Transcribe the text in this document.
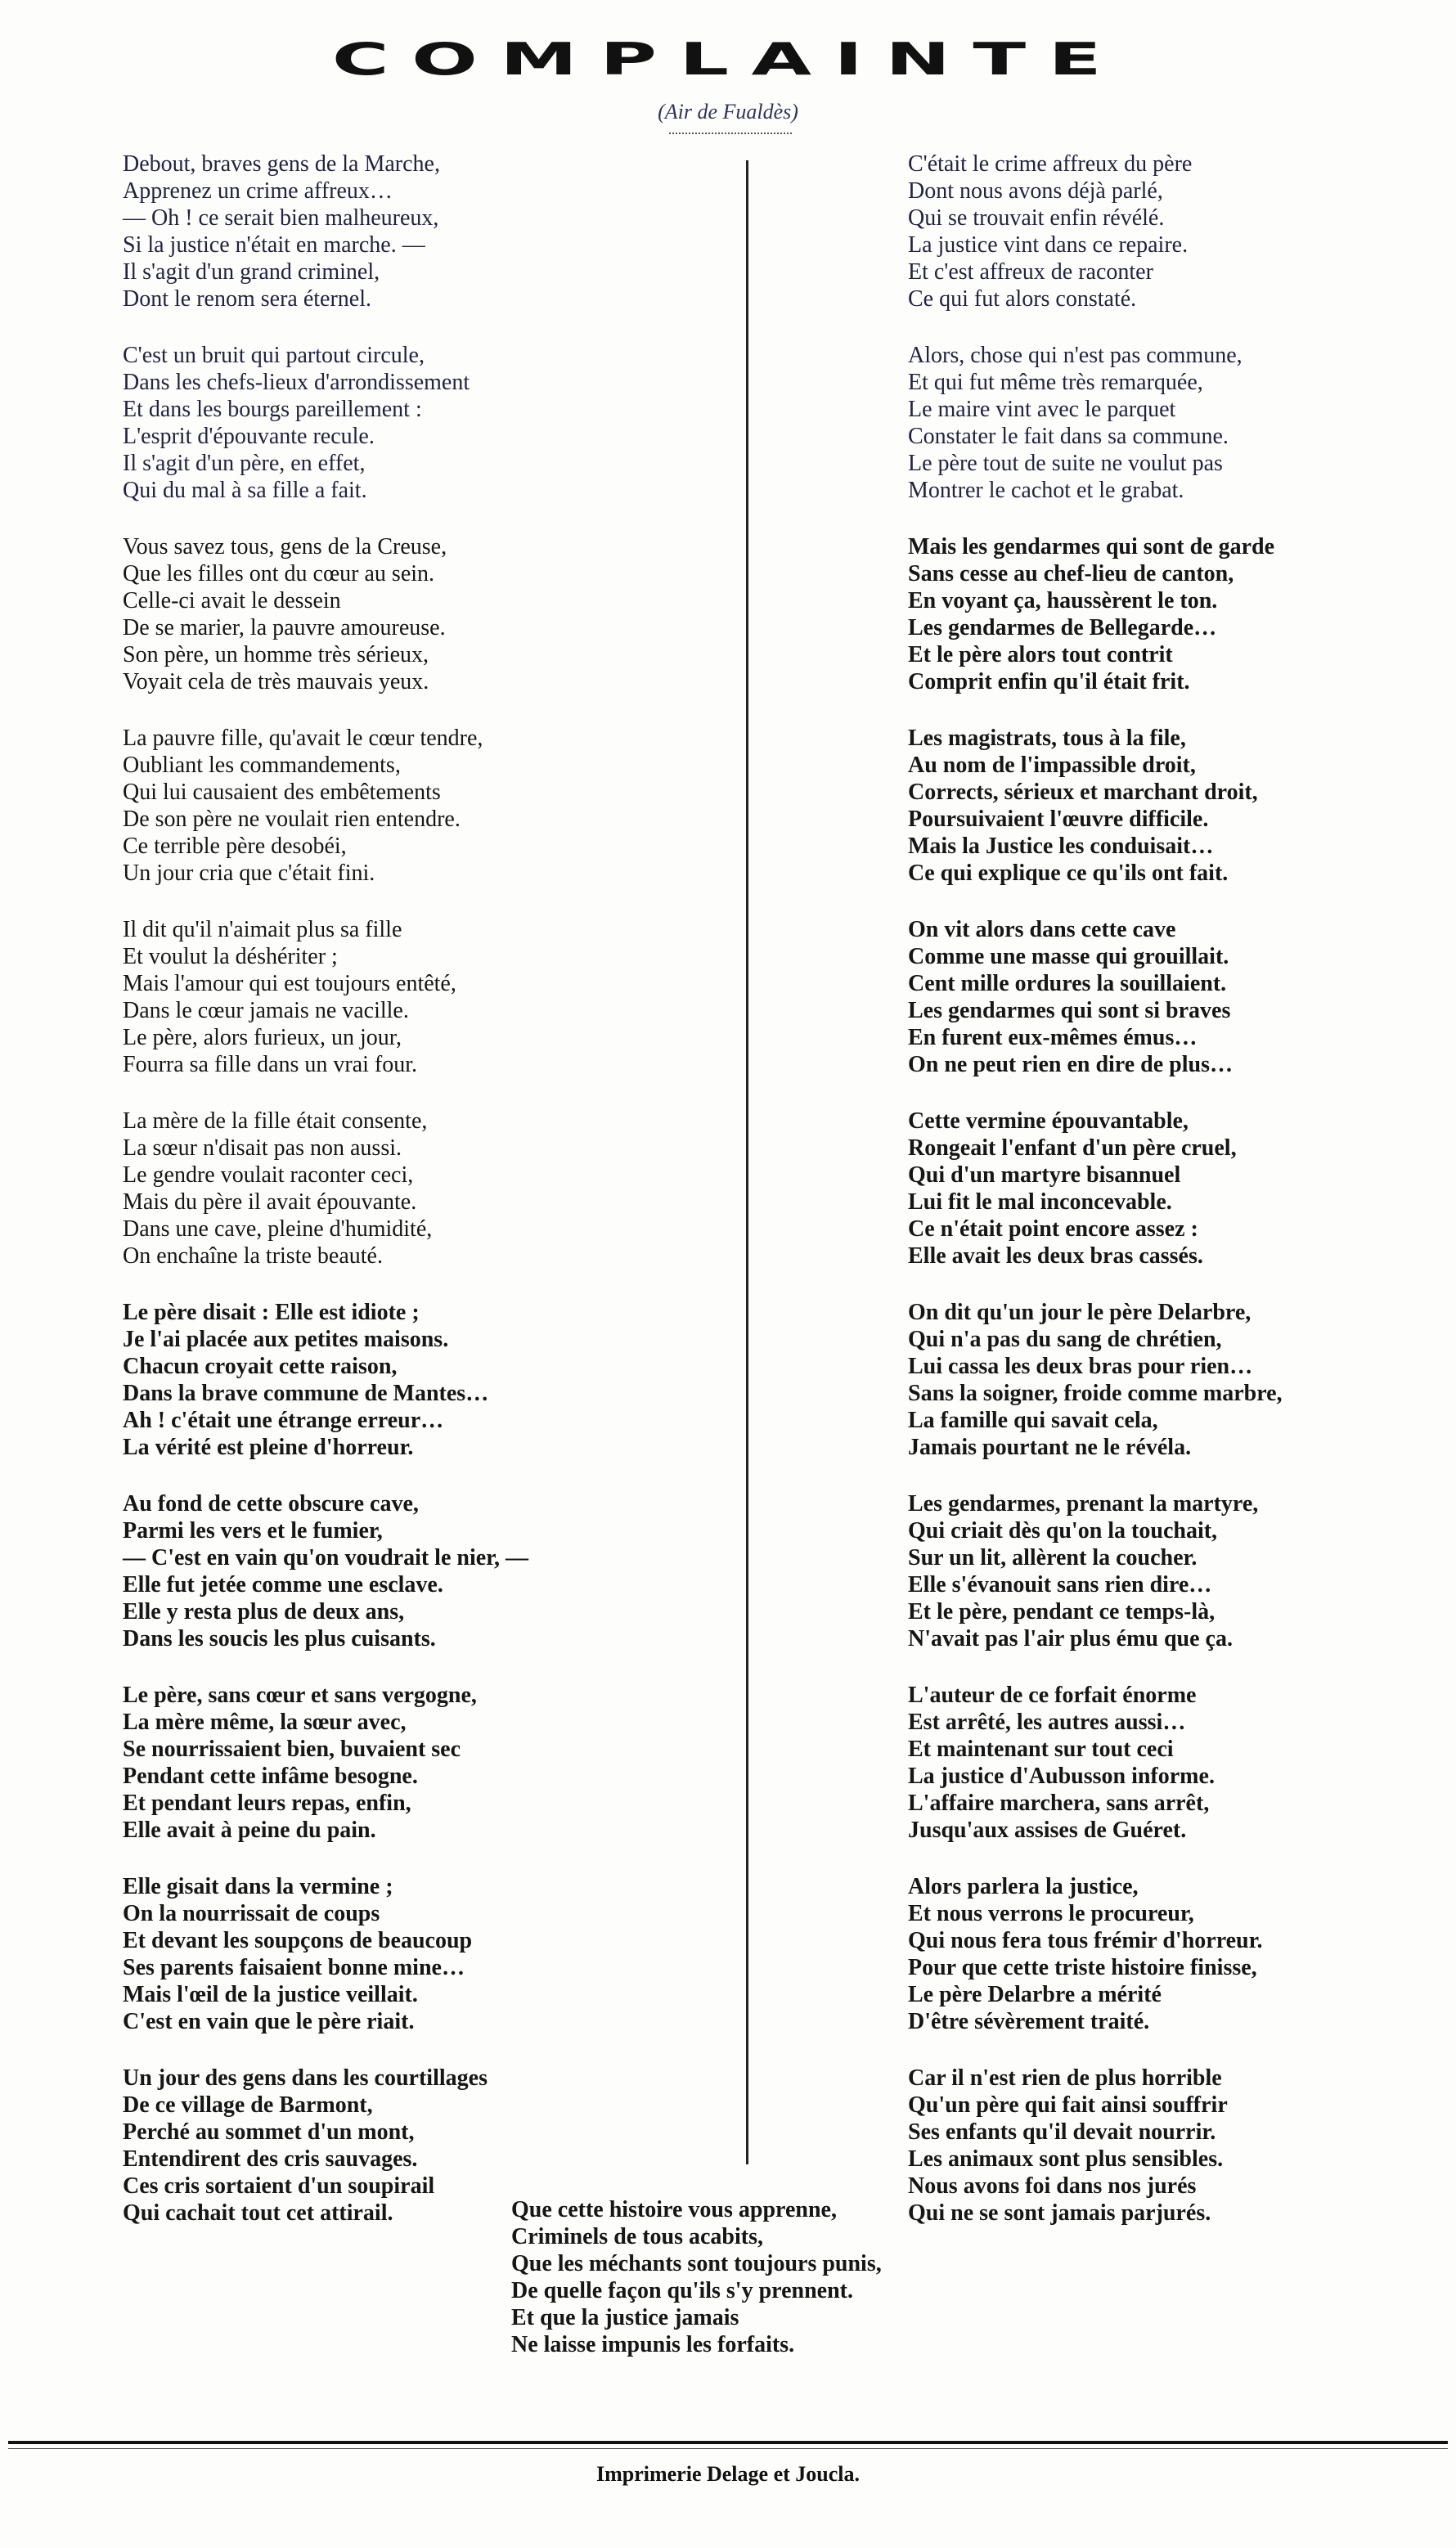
COMPLAINTE
(Air de Fualdès)
Debout, braves gens de la Marche,
Apprenez un crime affreux…
— Oh ! ce serait bien malheureux,
Si la justice n'était en marche. —
Il s'agit d'un grand criminel,
Dont le renom sera éternel.
C'est un bruit qui partout circule,
Dans les chefs-lieux d'arrondissement
Et dans les bourgs pareillement :
L'esprit d'épouvante recule.
Il s'agit d'un père, en effet,
Qui du mal à sa fille a fait.
Vous savez tous, gens de la Creuse,
Que les filles ont du cœur au sein.
Celle-ci avait le dessein
De se marier, la pauvre amoureuse.
Son père, un homme très sérieux,
Voyait cela de très mauvais yeux.
La pauvre fille, qu'avait le cœur tendre,
Oubliant les commandements,
Qui lui causaient des embêtements
De son père ne voulait rien entendre.
Ce terrible père desobéi,
Un jour cria que c'était fini.
Il dit qu'il n'aimait plus sa fille
Et voulut la déshériter ;
Mais l'amour qui est toujours entêté,
Dans le cœur jamais ne vacille.
Le père, alors furieux, un jour,
Fourra sa fille dans un vrai four.
La mère de la fille était consente,
La sœur n'disait pas non aussi.
Le gendre voulait raconter ceci,
Mais du père il avait épouvante.
Dans une cave, pleine d'humidité,
On enchaîne la triste beauté.
Le père disait : Elle est idiote ;
Je l'ai placée aux petites maisons.
Chacun croyait cette raison,
Dans la brave commune de Mantes…
Ah ! c'était une étrange erreur…
La vérité est pleine d'horreur.
Au fond de cette obscure cave,
Parmi les vers et le fumier,
— C'est en vain qu'on voudrait le nier, —
Elle fut jetée comme une esclave.
Elle y resta plus de deux ans,
Dans les soucis les plus cuisants.
Le père, sans cœur et sans vergogne,
La mère même, la sœur avec,
Se nourrissaient bien, buvaient sec
Pendant cette infâme besogne.
Et pendant leurs repas, enfin,
Elle avait à peine du pain.
Elle gisait dans la vermine ;
On la nourrissait de coups
Et devant les soupçons de beaucoup
Ses parents faisaient bonne mine…
Mais l'œil de la justice veillait.
C'est en vain que le père riait.
Un jour des gens dans les courtillages
De ce village de Barmont,
Perché au sommet d'un mont,
Entendirent des cris sauvages.
Ces cris sortaient d'un soupirail
Qui cachait tout cet attirail.
C'était le crime affreux du père
Dont nous avons déjà parlé,
Qui se trouvait enfin révélé.
La justice vint dans ce repaire.
Et c'est affreux de raconter
Ce qui fut alors constaté.
Alors, chose qui n'est pas commune,
Et qui fut même très remarquée,
Le maire vint avec le parquet
Constater le fait dans sa commune.
Le père tout de suite ne voulut pas
Montrer le cachot et le grabat.
Mais les gendarmes qui sont de garde
Sans cesse au chef-lieu de canton,
En voyant ça, haussèrent le ton.
Les gendarmes de Bellegarde…
Et le père alors tout contrit
Comprit enfin qu'il était frit.
Les magistrats, tous à la file,
Au nom de l'impassible droit,
Corrects, sérieux et marchant droit,
Poursuivaient l'œuvre difficile.
Mais la Justice les conduisait…
Ce qui explique ce qu'ils ont fait.
On vit alors dans cette cave
Comme une masse qui grouillait.
Cent mille ordures la souillaient.
Les gendarmes qui sont si braves
En furent eux-mêmes émus…
On ne peut rien en dire de plus…
Cette vermine épouvantable,
Rongeait l'enfant d'un père cruel,
Qui d'un martyre bisannuel
Lui fit le mal inconcevable.
Ce n'était point encore assez :
Elle avait les deux bras cassés.
On dit qu'un jour le père Delarbre,
Qui n'a pas du sang de chrétien,
Lui cassa les deux bras pour rien…
Sans la soigner, froide comme marbre,
La famille qui savait cela,
Jamais pourtant ne le révéla.
Les gendarmes, prenant la martyre,
Qui criait dès qu'on la touchait,
Sur un lit, allèrent la coucher.
Elle s'évanouit sans rien dire…
Et le père, pendant ce temps-là,
N'avait pas l'air plus ému que ça.
L'auteur de ce forfait énorme
Est arrêté, les autres aussi…
Et maintenant sur tout ceci
La justice d'Aubusson informe.
L'affaire marchera, sans arrêt,
Jusqu'aux assises de Guéret.
Alors parlera la justice,
Et nous verrons le procureur,
Qui nous fera tous frémir d'horreur.
Pour que cette triste histoire finisse,
Le père Delarbre a mérité
D'être sévèrement traité.
Car il n'est rien de plus horrible
Qu'un père qui fait ainsi souffrir
Ses enfants qu'il devait nourrir.
Les animaux sont plus sensibles.
Nous avons foi dans nos jurés
Qui ne se sont jamais parjurés.
Que cette histoire vous apprenne,
Criminels de tous acabits,
Que les méchants sont toujours punis,
De quelle façon qu'ils s'y prennent.
Et que la justice jamais
Ne laisse impunis les forfaits.
Imprimerie Delage et Joucla.
